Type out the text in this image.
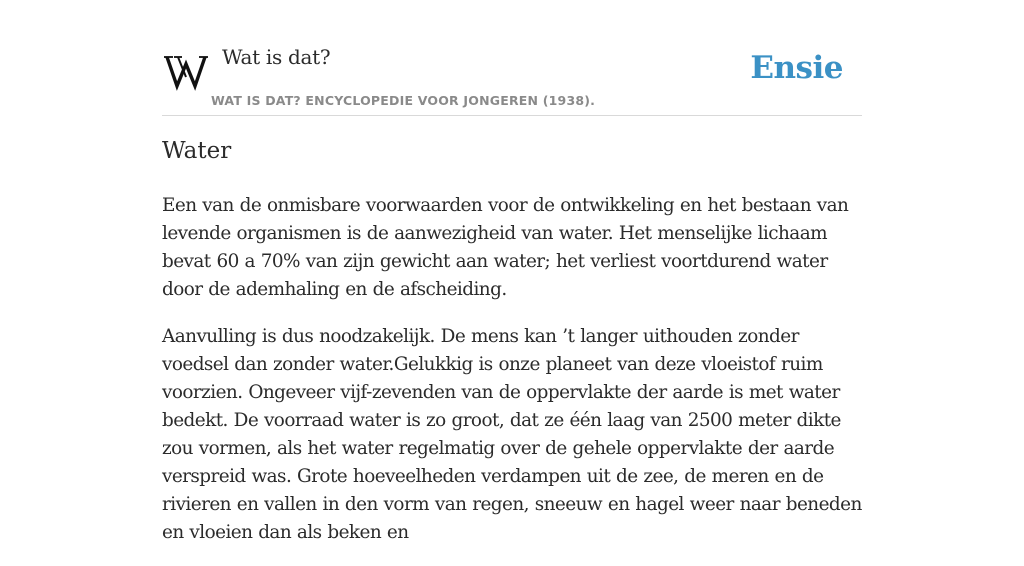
Wat is dat?
WAT IS DAT? ENCYCLOPEDIE VOOR JONGEREN (1938).
Ensie
Water

Een van de onmisbare voorwaarden voor de ontwikkeling en het bestaan van levende organismen is de aanwezigheid van water. Het menselijke lichaam bevat 60 a 70% van zijn gewicht aan water; het verliest voortdurend water door de ademhaling en de afscheiding.

Aanvulling is dus noodzakelijk. De mens kan ’t langer uithouden zonder voedsel dan zonder water.Gelukkig is onze planeet van deze vloeistof ruim voorzien. Ongeveer vijf-zevenden van de oppervlakte der aarde is met water bedekt. De voorraad water is zo groot, dat ze één laag van 2500 meter dikte zou vormen, als het water regelmatig over de gehele oppervlakte der aarde verspreid was. Grote hoeveelheden verdampen uit de zee, de meren en de rivieren en vallen in den vorm van regen, sneeuw en hagel weer naar beneden en vloeien dan als beken en
